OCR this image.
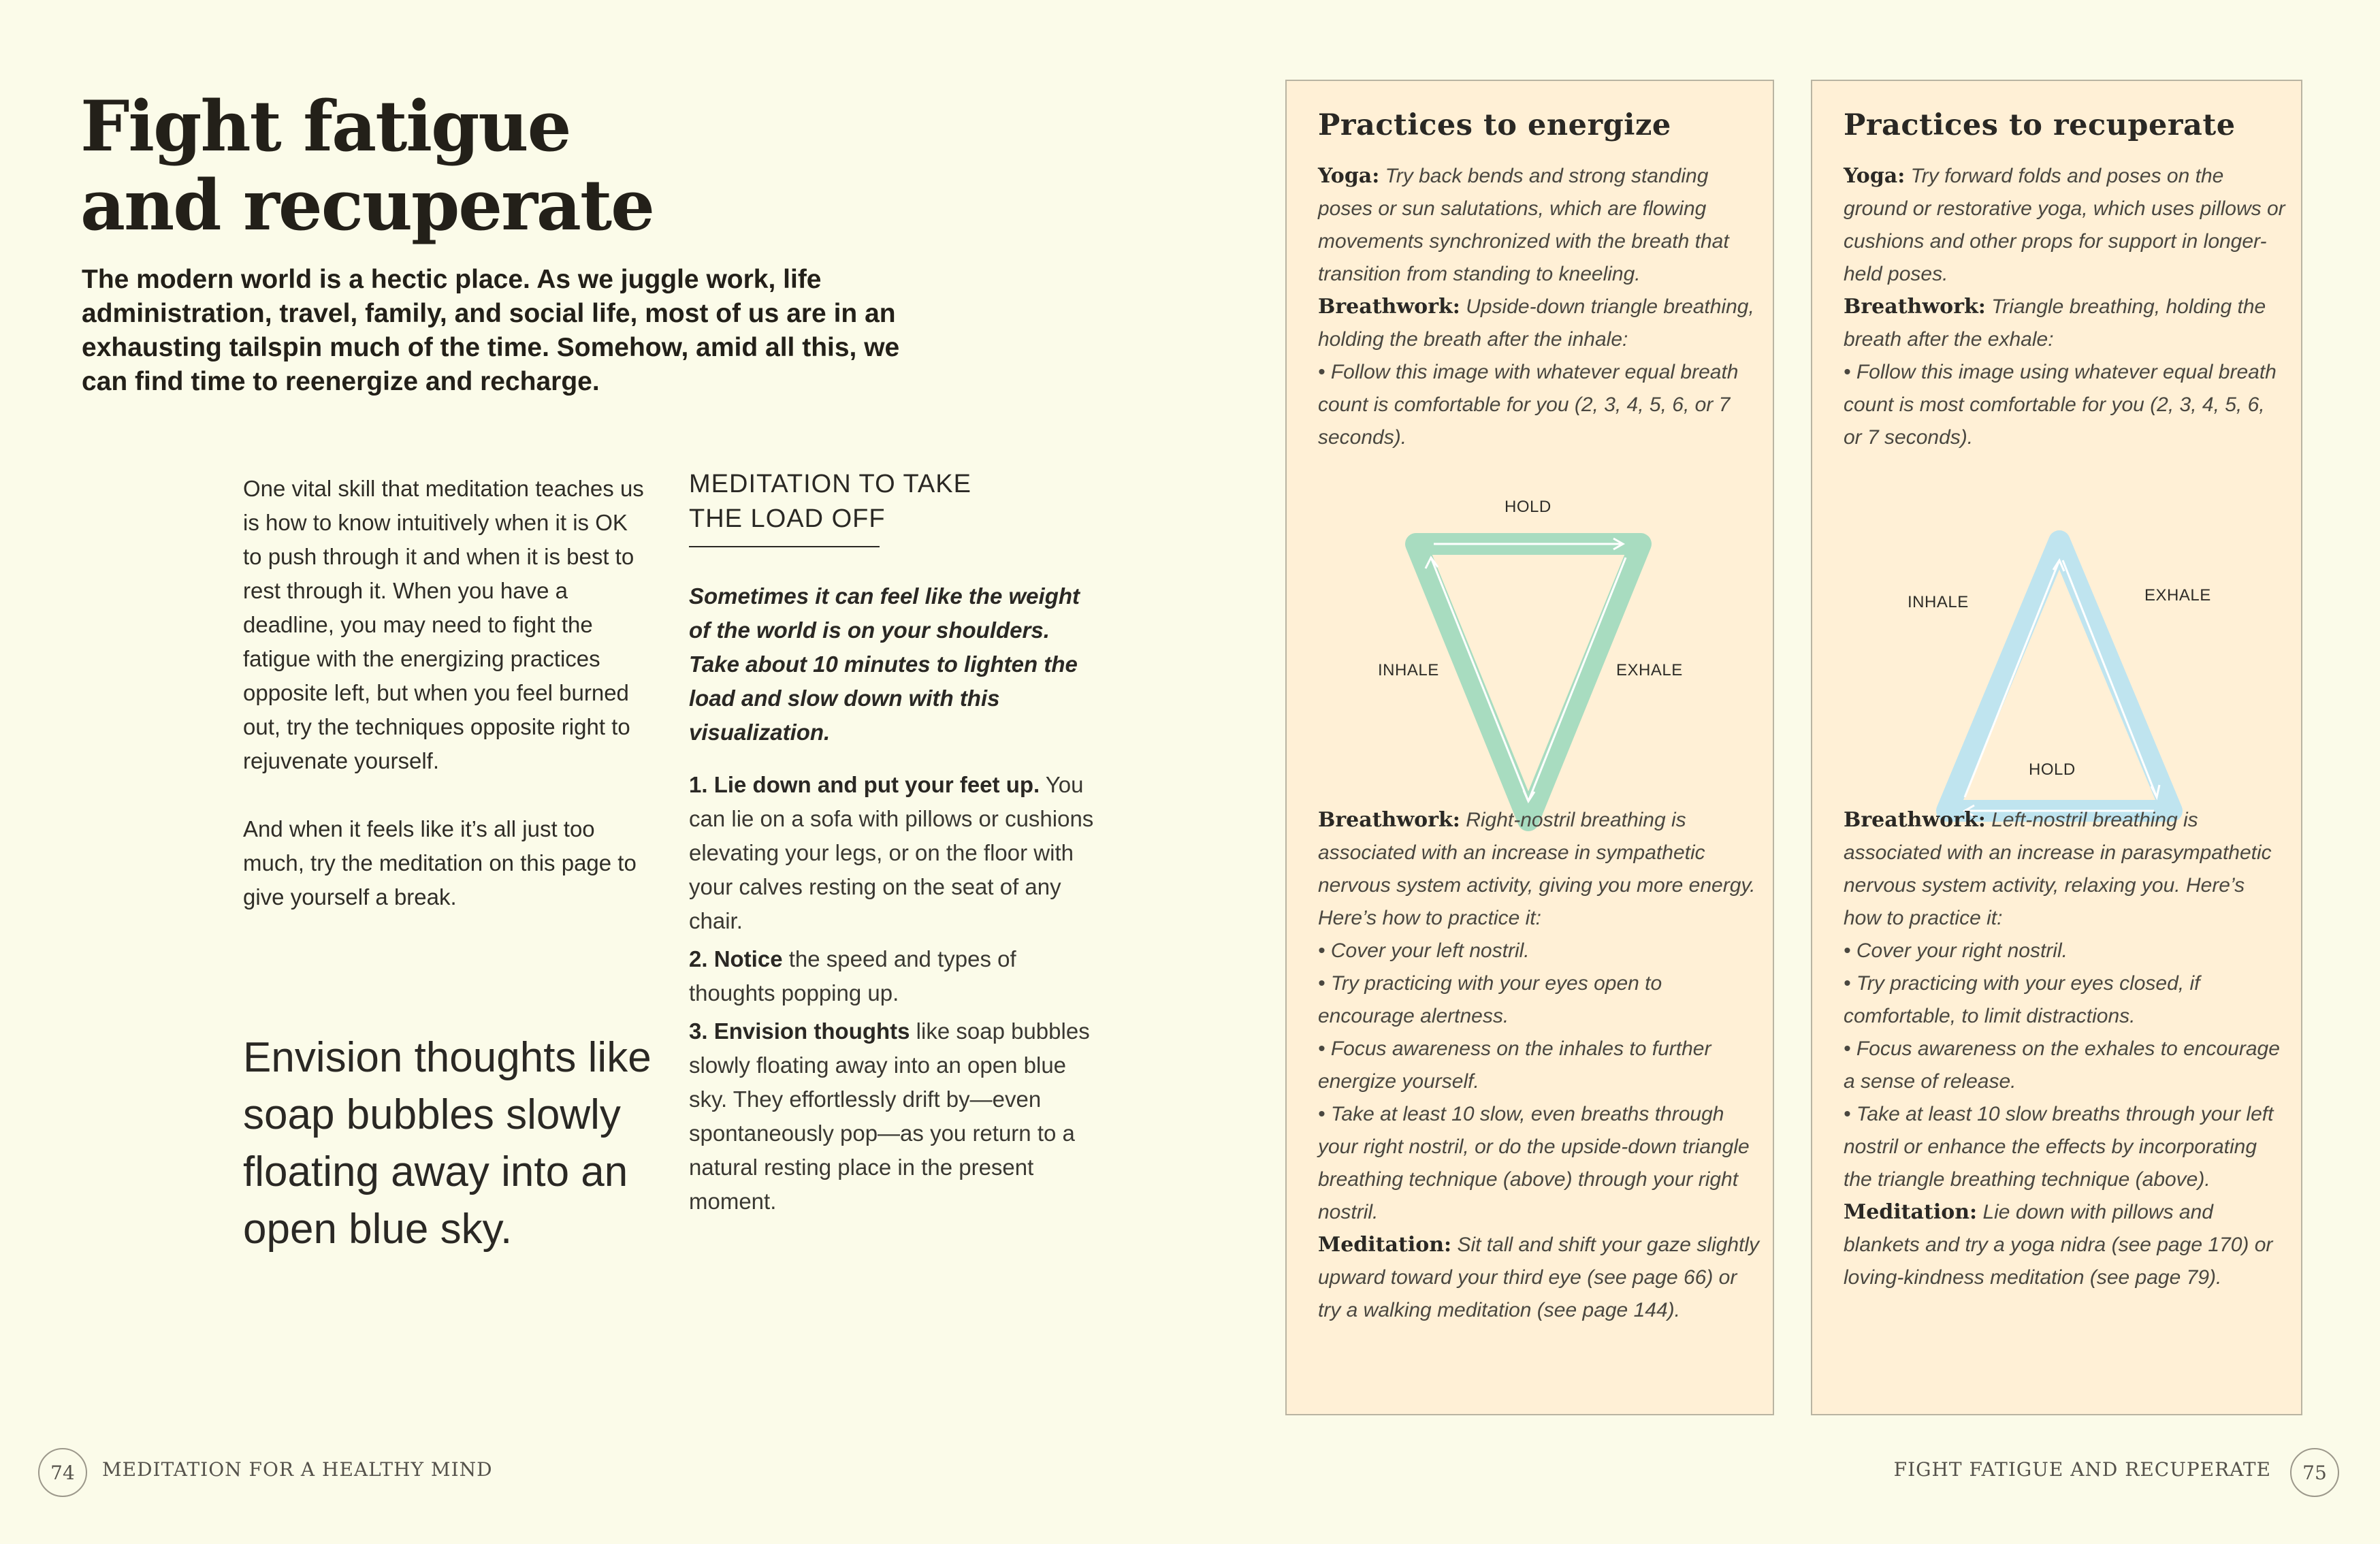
Fight fatigue
and recuperate
The modern world is a hectic place. As we juggle work, life administration, travel, family, and social life, most of us are in an exhausting tailspin much of the time. Somehow, amid all this, we can find time to reenergize and recharge.

One vital skill that meditation teaches us is how to know intuitively when it is OK to push through it and when it is best to rest through it. When you have a deadline, you may need to fight the fatigue with the energizing practices opposite left, but when you feel burned out, try the techniques opposite right to rejuvenate yourself.

And when it feels like it’s all just too much, try the meditation on this page to give yourself a break.

Envision thoughts like soap bubbles slowly floating away into an open blue sky.
MEDITATION TO TAKE
THE LOAD OFF
Sometimes it can feel like the weight of the world is on your shoulders. Take about 10 minutes to lighten the load and slow down with this visualization.

1. Lie down and put your feet up. You can lie on a sofa with pillows or cushions elevating your legs, or on the floor with your calves resting on the seat of any chair.

2. Notice the speed and types of thoughts popping up.

3. Envision thoughts like soap bubbles slowly floating away into an open blue sky. They effortlessly drift by—even spontaneously pop—as you return to a natural resting place in the present moment.

Practices to energize
Yoga: Try back bends and strong standing poses or sun salutations, which are flowing movements synchronized with the breath that transition from standing to kneeling.
Breathwork: Upside-down triangle breathing, holding the breath after the inhale:
• Follow this image with whatever equal breath count is comfortable for you (2, 3, 4, 5, 6, or 7 seconds).
HOLD
INHALE	EXHALE
Breathwork: Right-nostril breathing is associated with an increase in sympathetic nervous system activity, giving you more energy. Here’s how to practice it:
• Cover your left nostril.
• Try practicing with your eyes open to encourage alertness.
• Focus awareness on the inhales to further energize yourself.
• Take at least 10 slow, even breaths through your right nostril, or do the upside-down triangle breathing technique (above) through your right nostril.
Meditation: Sit tall and shift your gaze slightly upward toward your third eye (see page 66) or try a walking meditation (see page 144).
Practices to recuperate
Yoga: Try forward folds and poses on the ground or restorative yoga, which uses pillows or cushions and other props for support in longer-held poses.
Breathwork: Triangle breathing, holding the breath after the exhale:
• Follow this image using whatever equal breath count is most comfortable for you (2, 3, 4, 5, 6, or 7 seconds).
INHALE	EXHALE
HOLD
Breathwork: Left-nostril breathing is associated with an increase in parasympathetic nervous system activity, relaxing you. Here’s how to practice it:
• Cover your right nostril.
• Try practicing with your eyes closed, if comfortable, to limit distractions.
• Focus awareness on the exhales to encourage a sense of release.
• Take at least 10 slow breaths through your left nostril or enhance the effects by incorporating the triangle breathing technique (above).
Meditation: Lie down with pillows and blankets and try a yoga nidra (see page 170) or loving-kindness meditation (see page 79).
74	MEDITATION FOR A HEALTHY MIND	FIGHT FATIGUE AND RECUPERATE	75
